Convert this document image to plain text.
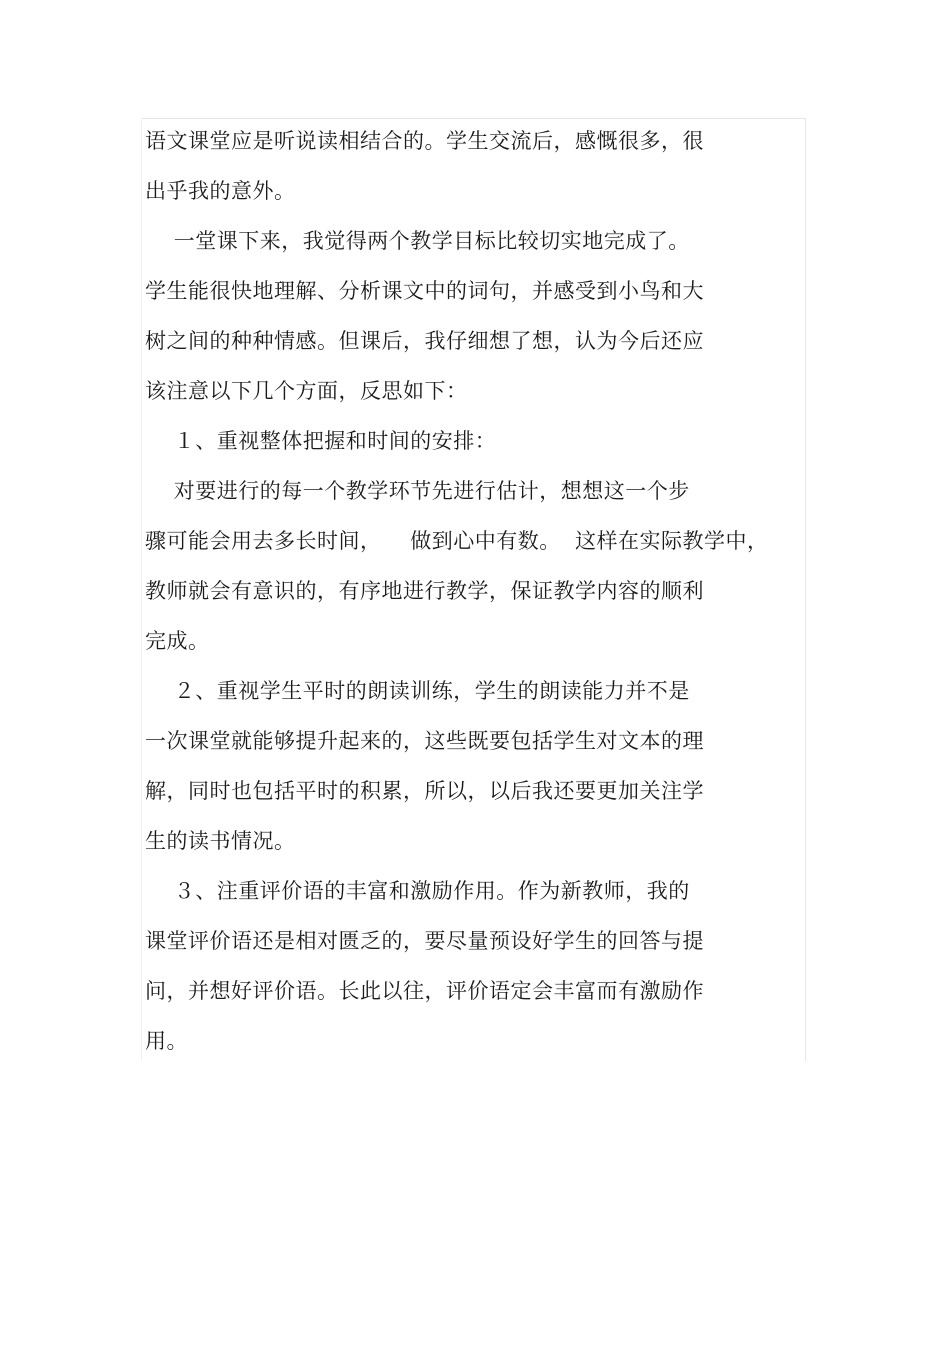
语文课堂应是听说读相结合的。学生交流后，感慨很多，很
出乎我的意外。
一堂课下来，我觉得两个教学目标比较切实地完成了。
学生能很快地理解、分析课文中的词句，并感受到小鸟和大
树之间的种种情感。但课后，我仔细想了想，认为今后还应
该注意以下几个方面，反思如下：
１、重视整体把握和时间的安排：
对要进行的每一个教学环节先进行估计，想想这一个步
骤可能会用去多长时间，    做到心中有数。  这样在实际教学中，
教师就会有意识的，有序地进行教学，保证教学内容的顺利
完成。
２、重视学生平时的朗读训练，学生的朗读能力并不是
一次课堂就能够提升起来的，这些既要包括学生对文本的理
解，同时也包括平时的积累，所以，以后我还要更加关注学
生的读书情况。
３、注重评价语的丰富和激励作用。作为新教师，我的
课堂评价语还是相对匮乏的，要尽量预设好学生的回答与提
问，并想好评价语。长此以往，评价语定会丰富而有激励作
用。
